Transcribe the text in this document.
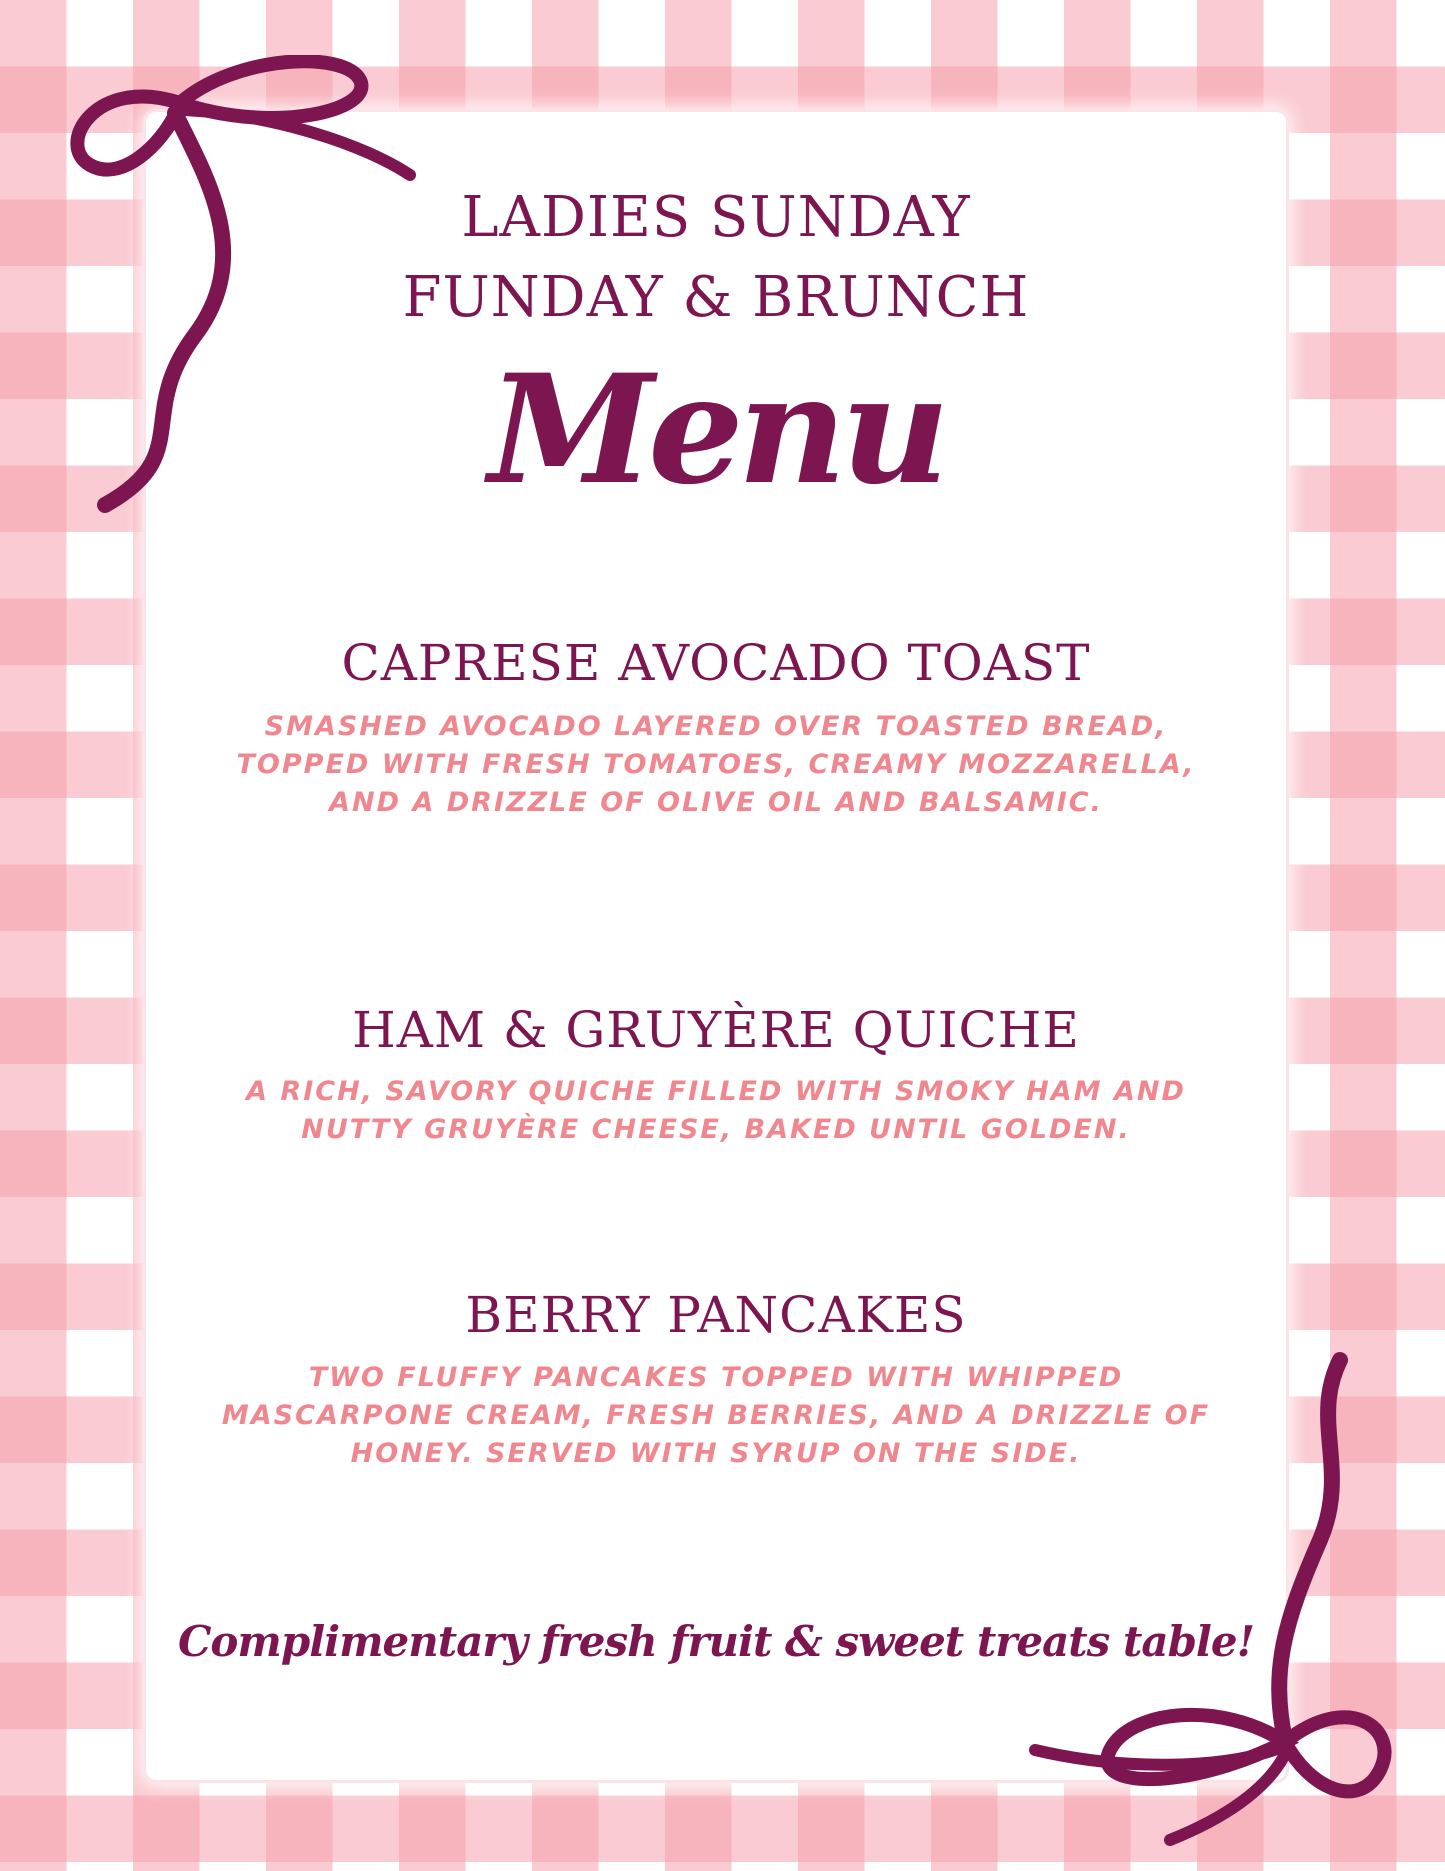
LADIES SUNDAY
FUNDAY & BRUNCH
Menu
CAPRESE AVOCADO TOAST

SMASHED AVOCADO LAYERED OVER TOASTED BREAD, TOPPED WITH FRESH TOMATOES, CREAMY MOZZARELLA, AND A DRIZZLE OF OLIVE OIL AND BALSAMIC.

HAM & GRUYÈRE QUICHE

A RICH, SAVORY QUICHE FILLED WITH SMOKY HAM AND NUTTY GRUYÈRE CHEESE, BAKED UNTIL GOLDEN.

BERRY PANCAKES

TWO FLUFFY PANCAKES TOPPED WITH WHIPPED MASCARPONE CREAM, FRESH BERRIES, AND A DRIZZLE OF HONEY. SERVED WITH SYRUP ON THE SIDE.

Complimentary fresh fruit & sweet treats table!
